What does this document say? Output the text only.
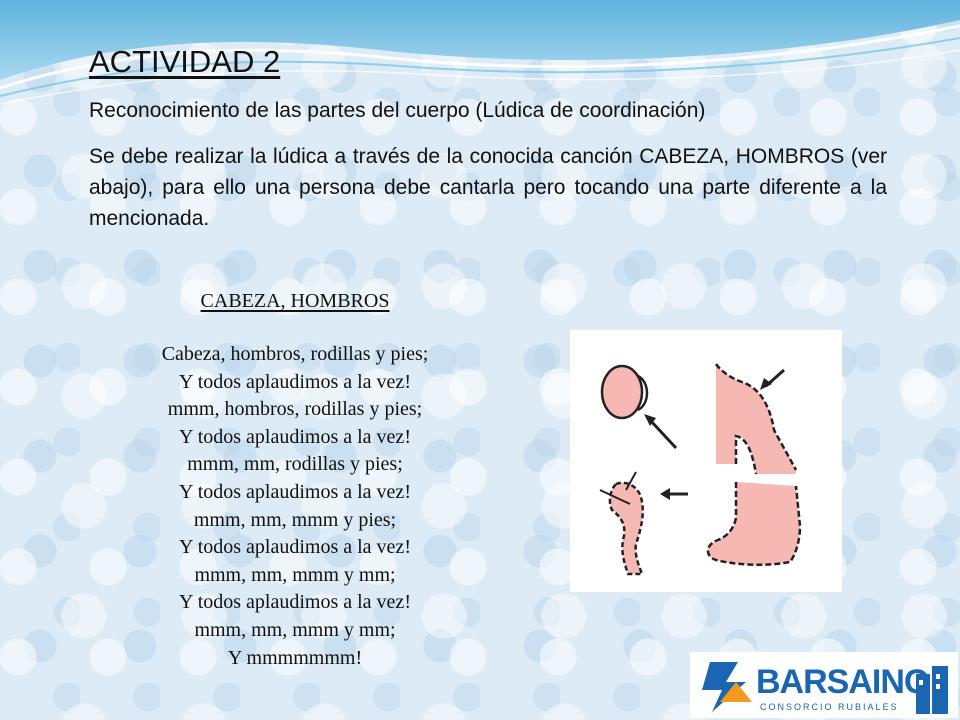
ACTIVIDAD 2

Reconocimiento de las partes del cuerpo (Lúdica de coordinación)

Se debe realizar la lúdica a través de la conocida canción CABEZA, HOMBROS (ver abajo), para ello una persona debe cantarla pero tocando una parte diferente a la mencionada.

CABEZA, HOMBROS

Cabeza, hombros, rodillas y pies;

Y todos aplaudimos a la vez!

mmm, hombros, rodillas y pies;

Y todos aplaudimos a la vez!

mmm, mm, rodillas y pies;

Y todos aplaudimos a la vez!

mmm, mm, mmm y pies;

Y todos aplaudimos a la vez!

mmm, mm, mmm y mm;

Y todos aplaudimos a la vez!

mmm, mm, mmm y mm;

Y mmmmmmm!

BARSAINC

CONSORCIO RUBIALES
